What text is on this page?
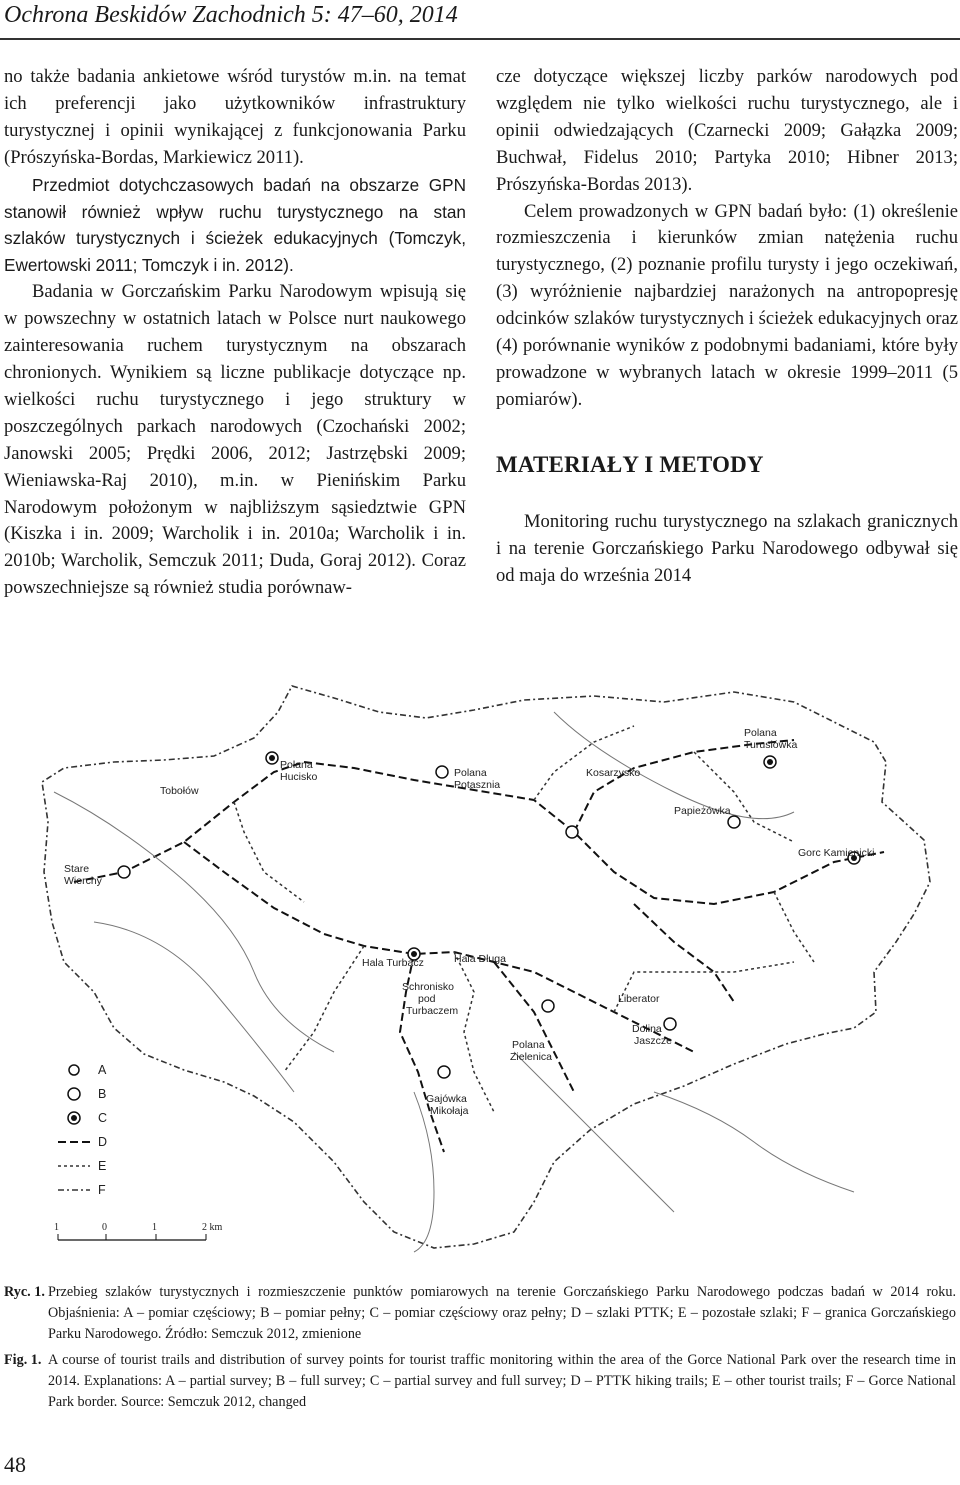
Ochrona Beskidów Zachodnich 5: 47–60, 2014

no także badania ankietowe wśród turystów m.in. na temat ich preferencji jako użytkowników infrastruktury turystycznej i opinii wynikającej z funkcjonowania Parku (Prószyńska-Bordas, Markiewicz 2011).

Przedmiot dotychczasowych badań na obszarze GPN stanowił również wpływ ruchu turystycznego na stan szlaków turystycznych i ścieżek edukacyjnych (Tomczyk, Ewertowski 2011; Tomczyk i in. 2012).

Badania w Gorczańskim Parku Narodowym wpisują się w powszechny w ostatnich latach w Polsce nurt naukowego zainteresowania ruchem turystycznym na obszarach chronionych. Wynikiem są liczne publikacje dotyczące np. wielkości ruchu turystycznego i jego struktury w poszczególnych parkach narodowych (Czochański 2002; Janowski 2005; Prędki 2006, 2012; Jastrzębski 2009; Wieniawska-Raj 2010), m.in. w Pienińskim Parku Narodowym położonym w najbliższym sąsiedztwie GPN (Kiszka i in. 2009; Warcholik i in. 2010a; Warcholik i in. 2010b; Warcholik, Semczuk 2011; Duda, Goraj 2012). Coraz powszechniejsze są również studia porównaw-

cze dotyczące większej liczby parków narodowych pod względem nie tylko wielkości ruchu turystycznego, ale i opinii odwiedzających (Czarnecki 2009; Gałązka 2009; Buchwał, Fidelus 2010; Partyka 2010; Hibner 2013; Prószyńska-Bordas 2013).

Celem prowadzonych w GPN badań było: (1) określenie rozmieszczenia i kierunków zmian natężenia ruchu turystycznego, (2) poznanie profilu turysty i jego oczekiwań, (3) wyróżnienie najbardziej narażonych na antropopresję odcinków szlaków turystycznych i ścieżek edukacyjnych oraz (4) porównanie wyników z podobnymi badaniami, które były prowadzone w wybranych latach w okresie 1999–2011 (5 pomiarów).

MATERIAŁY I METODY

Monitoring ruchu turystycznego na szlakach granicznych i na terenie Gorczańskiego Parku Narodowego odbywał się od maja do września 2014

Polana Hucisko	Polana Potasznia
Kosarzysko
Polana Turusiówka
Tobołów
Papieżówka
Gorc Kamienicki
Stare Wierchy
Hala Turbacz	Hala Długa
Schronisko pod Turbaczem
Liberator
Dolina Jaszcze
Polana Zielenica
Gajówka Mikołaja
A
B
C
D
E
F
1	0	1	2 km
Ryc. 1. Przebieg szlaków turystycznych i rozmieszczenie punktów pomiarowych na terenie Gorczańskiego Parku Narodowego podczas badań w 2014 roku. Objaśnienia: A – pomiar częściowy; B – pomiar pełny; C – pomiar częściowy oraz pełny; D – szlaki PTTK; E – pozostałe szlaki; F – granica Gorczańskiego Parku Narodowego. Źródło: Semczuk 2012, zmienione
Fig. 1. A course of tourist trails and distribution of survey points for tourist traffic monitoring within the area of the Gorce National Park over the research time in 2014. Explanations: A – partial survey; B – full survey; C – partial survey and full survey; D – PTTK hiking trails; E – other tourist trails; F – Gorce National Park border. Source: Semczuk 2012, changed
48
